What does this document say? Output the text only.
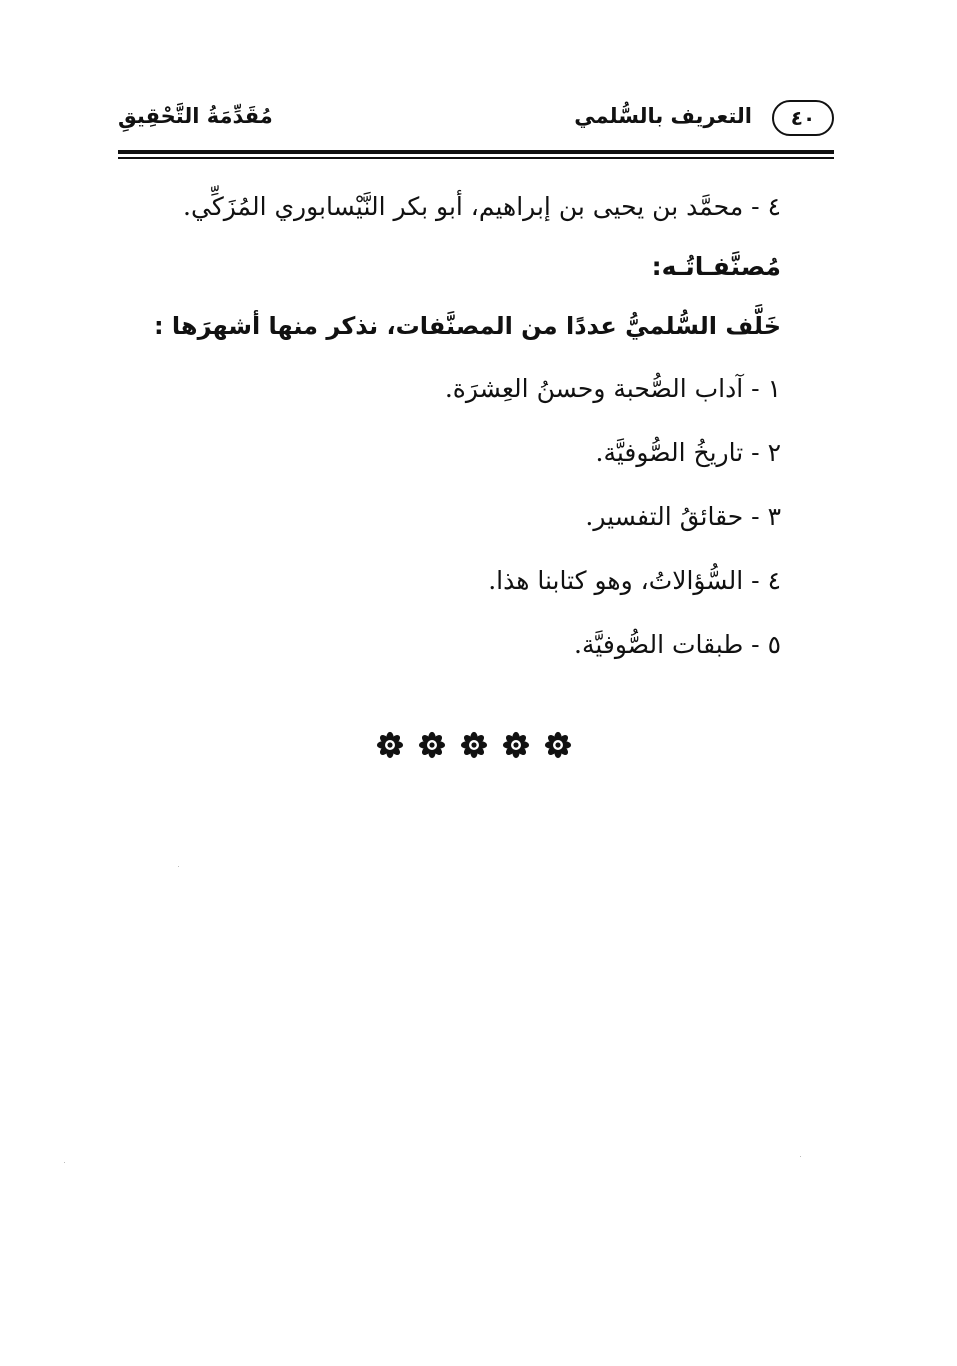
٤٠
التعريف بالسُّلمي
مُقَدِّمَةُ التَّحْقِيقِ
٤ - محمَّد بن يحيى بن إبراهيم، أبو بكر النَّيْسابوري المُزَكِّي.
مُصنَّفـاتُـه:
خَلَّف السُّلميُّ عددًا من المصنَّفات، نذكر منها أشهرَها :
١ - آداب الصُّحبة وحسنُ العِشرَة.
٢ - تاريخُ الصُّوفيَّة.
٣ - حقائقُ التفسير.
٤ - السُّؤالاتُ، وهو كتابنا هذا.
٥ - طبقات الصُّوفيَّة.
